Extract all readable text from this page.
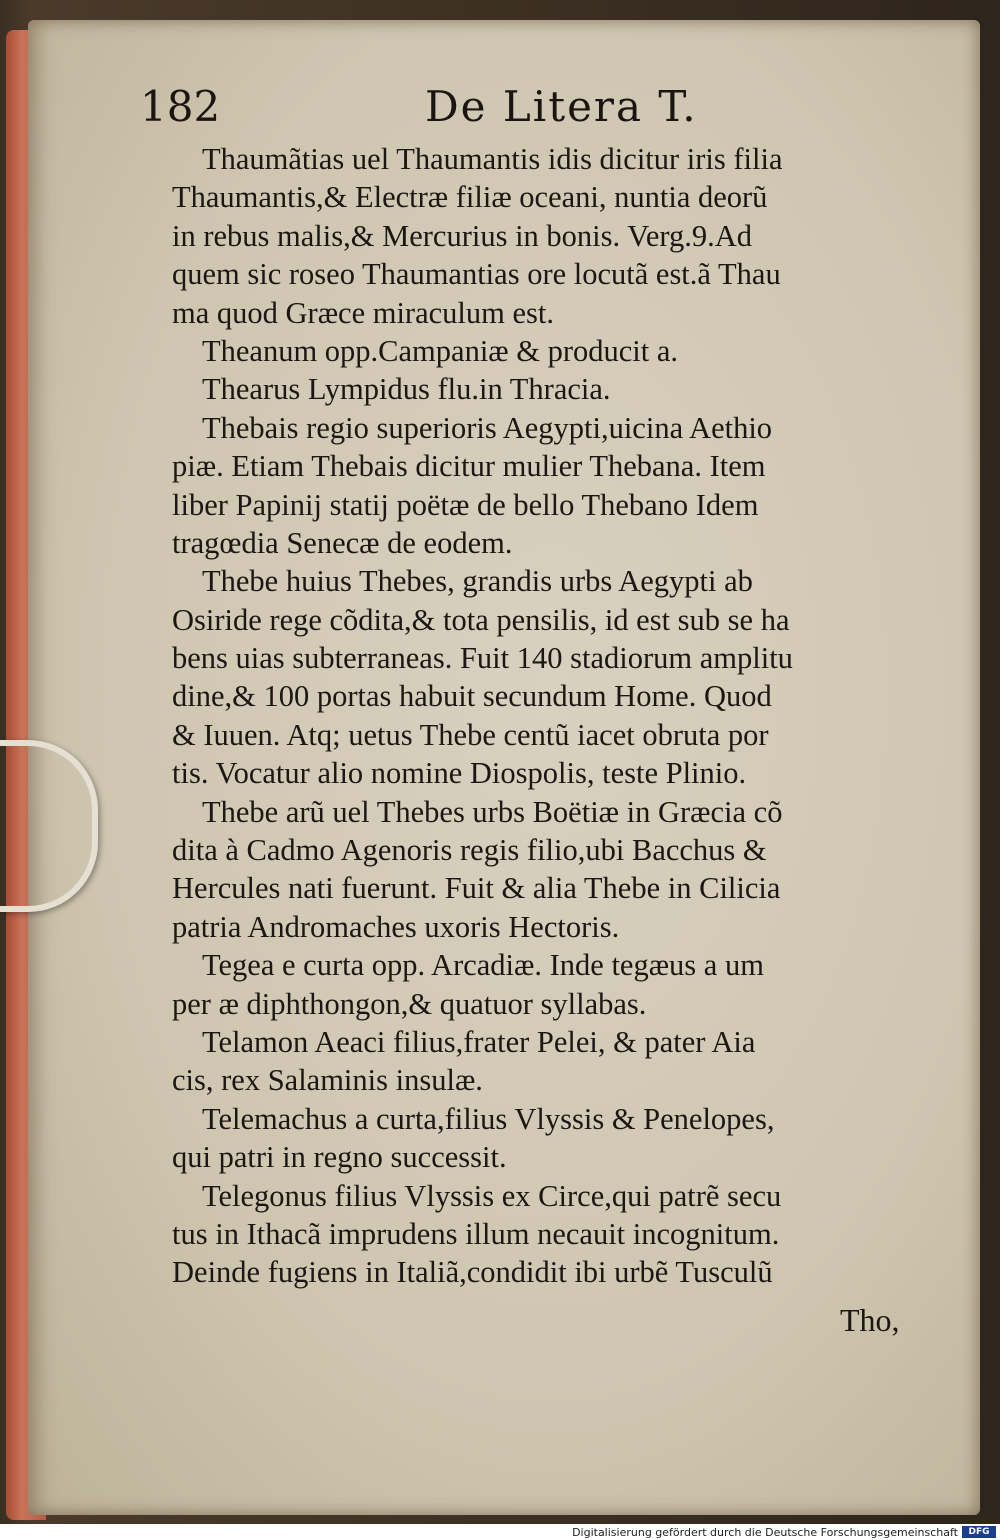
182	De Litera T.
Thaumãtias uel Thaumantis idis dicitur iris filia
Thaumantis,& Electræ filiæ oceani, nuntia deorũ
in rebus malis,& Mercurius in bonis. Verg.9.Ad
quem sic roseo Thaumantias ore locutã est.ã Thau
ma quod Græce miraculum est.
Theanum opp.Campaniæ & producit a.
Thearus Lympidus flu.in Thracia.
Thebais regio superioris Aegypti,uicina Aethio
piæ. Etiam Thebais dicitur mulier Thebana. Item
liber Papinij statij poëtæ de bello Thebano Idem
tragœdia Senecæ de eodem.
Thebe huius Thebes, grandis urbs Aegypti ab
Osiride rege cõdita,& tota pensilis, id est sub se ha
bens uias subterraneas. Fuit 140 stadiorum amplitu
dine,& 100 portas habuit secundum Home. Quod
& Iuuen. Atq; uetus Thebe centũ iacet obruta por
tis. Vocatur alio nomine Diospolis, teste Plinio.
Thebe arũ uel Thebes urbs Boëtiæ in Græcia cõ
dita à Cadmo Agenoris regis filio,ubi Bacchus &
Hercules nati fuerunt. Fuit & alia Thebe in Cilicia
patria Andromaches uxoris Hectoris.
Tegea e curta opp. Arcadiæ. Inde tegæus a um
per æ diphthongon,& quatuor syllabas.
Telamon Aeaci filius,frater Pelei, & pater Aia
cis, rex Salaminis insulæ.
Telemachus a curta,filius Vlyssis & Penelopes,
qui patri in regno successit.
Telegonus filius Vlyssis ex Circe,qui patrẽ secu
tus in Ithacã imprudens illum necauit incognitum.
Deinde fugiens in Italiã,condidit ibi urbẽ Tusculũ
Tho,
Digitalisierung gefördert durch die Deutsche Forschungsgemeinschaft	DFG
